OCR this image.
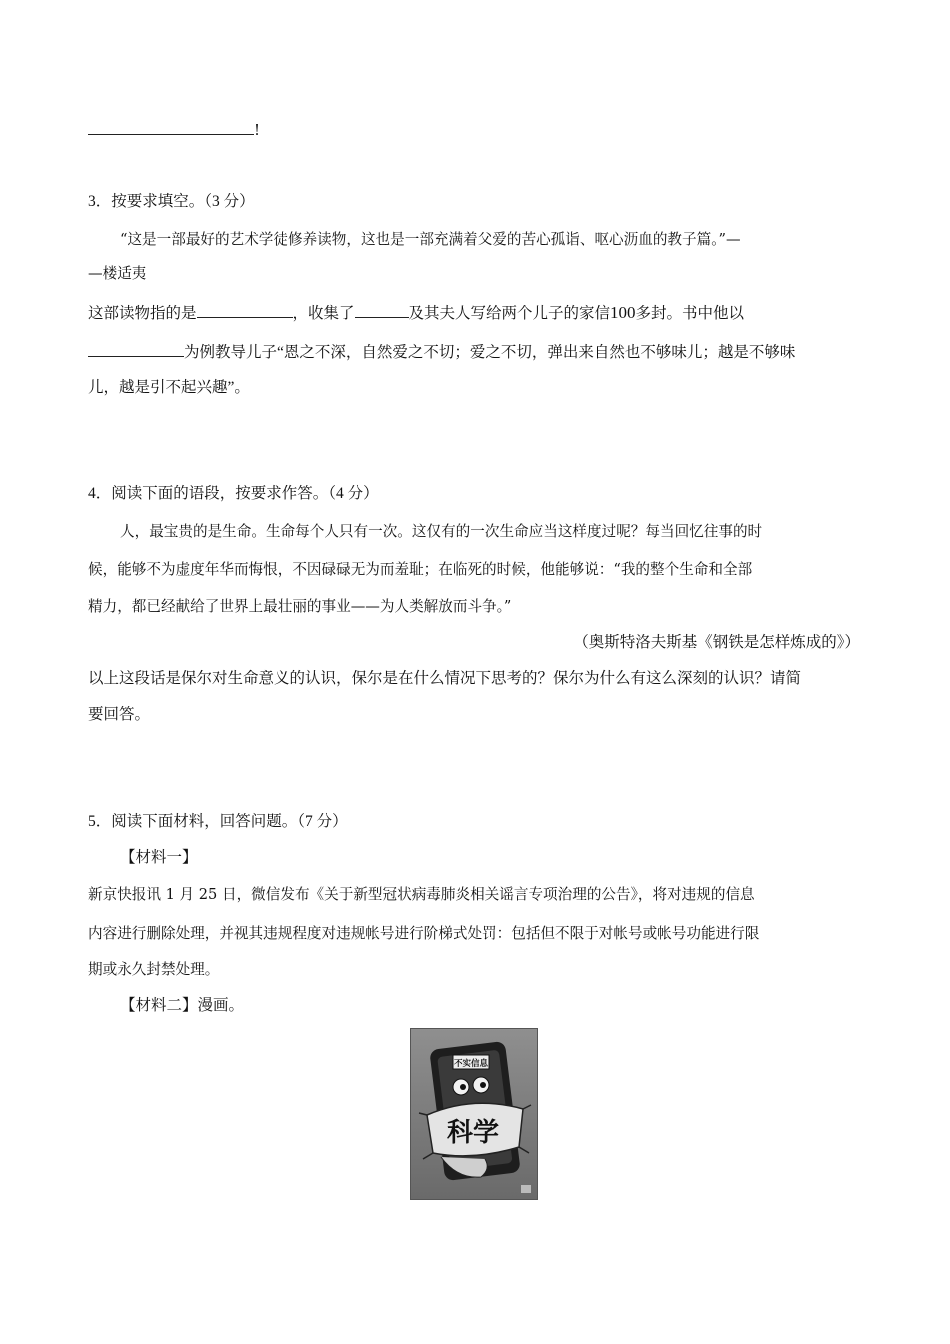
!
3．按要求填空。（3 分）
“这是一部最好的艺术学徒修养读物，这也是一部充满着父爱的苦心孤诣、呕心沥血的教子篇。”—
—楼适夷
这部读物指的是	，收集了	及其夫人写给两个儿子的家信100多封。书中他以
为例教导儿子“恩之不深，自然爱之不切；爱之不切，弹出来自然也不够味儿；越是不够味
儿，越是引不起兴趣”。
4．阅读下面的语段，按要求作答。（4 分）
人，最宝贵的是生命。生命每个人只有一次。这仅有的一次生命应当这样度过呢？每当回忆往事的时
候，能够不为虚度年华而悔恨，不因碌碌无为而羞耻；在临死的时候，他能够说：“我的整个生命和全部
精力，都已经献给了世界上最壮丽的事业——为人类解放而斗争。”
（奥斯特洛夫斯基《钢铁是怎样炼成的》）
以上这段话是保尔对生命意义的认识，保尔是在什么情况下思考的？保尔为什么有这么深刻的认识？请简
要回答。
5．阅读下面材料，回答问题。（7 分）
【材料一】
新京快报讯 1 月 25 日，微信发布《关于新型冠状病毒肺炎相关谣言专项治理的公告》，将对违规的信息
内容进行删除处理，并视其违规程度对违规帐号进行阶梯式处罚：包括但不限于对帐号或帐号功能进行限
期或永久封禁处理。
【材料二】漫画。
不实信息
科学
